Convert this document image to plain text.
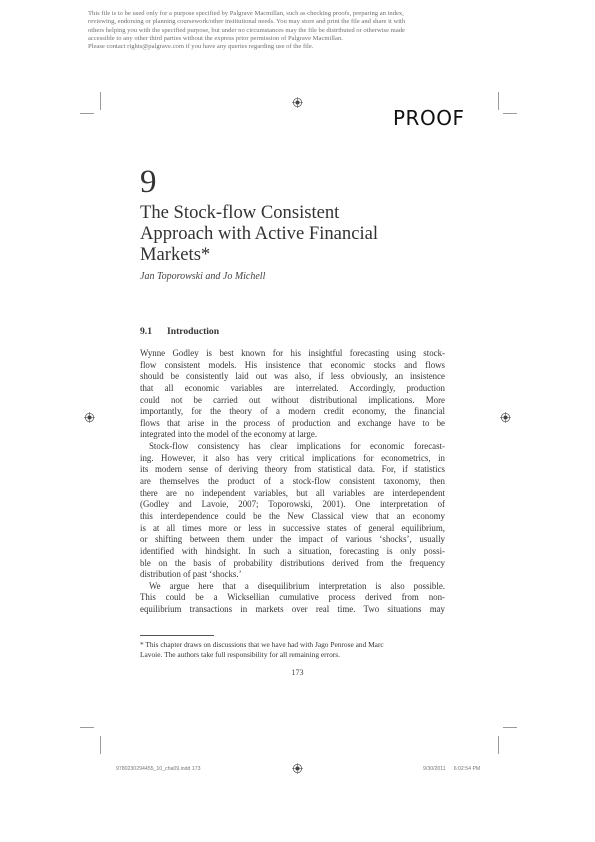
This file is to be used only for a purpose specified by Palgrave Macmillan, such as checking proofs, preparing an index,

reviewing, endorsing or planning coursework/other institutional needs. You may store and print the file and share it with

others helping you with the specified purpose, but under no circumstances may the file be distributed or otherwise made

accessible to any other third parties without the express prior permission of Palgrave Macmillan.

Please contact rights@palgrave.com if you have any queries regarding use of the file.

PROOF
9
The Stock-flow Consistent
Approach with Active Financial
Markets*
Jan Toporowski and Jo Michell
9.1 Introduction
Wynne Godley is best known for his insightful forecasting using stock-
flow consistent models. His insistence that economic stocks and flows
should be consistently laid out was also, if less obviously, an insistence
that all economic variables are interrelated. Accordingly, production
could not be carried out without distributional implications. More
importantly, for the theory of a modern credit economy, the financial
flows that arise in the process of production and exchange have to be
integrated into the model of the economy at large.
Stock-flow consistency has clear implications for economic forecast-
ing. However, it also has very critical implications for econometrics, in
its modern sense of deriving theory from statistical data. For, if statistics
are themselves the product of a stock-flow consistent taxonomy, then
there are no independent variables, but all variables are interdependent
(Godley and Lavoie, 2007; Toporowski, 2001). One interpretation of
this interdependence could be the New Classical view that an economy
is at all times more or less in successive states of general equilibrium,
or shifting between them under the impact of various ‘shocks’, usually
identified with hindsight. In such a situation, forecasting is only possi-
ble on the basis of probability distributions derived from the frequency
distribution of past ‘shocks.’
We argue here that a disequilibrium interpretation is also possible.
This could be a Wicksellian cumulative process derived from non-
equilibrium transactions in markets over real time. Two situations may
* This chapter draws on discussions that we have had with Jago Penrose and Marc
Lavoie. The authors take full responsibility for all remaining errors.
173
9780230294455_10_cha09.indd 173	9/30/2011 6:02:54 PM
